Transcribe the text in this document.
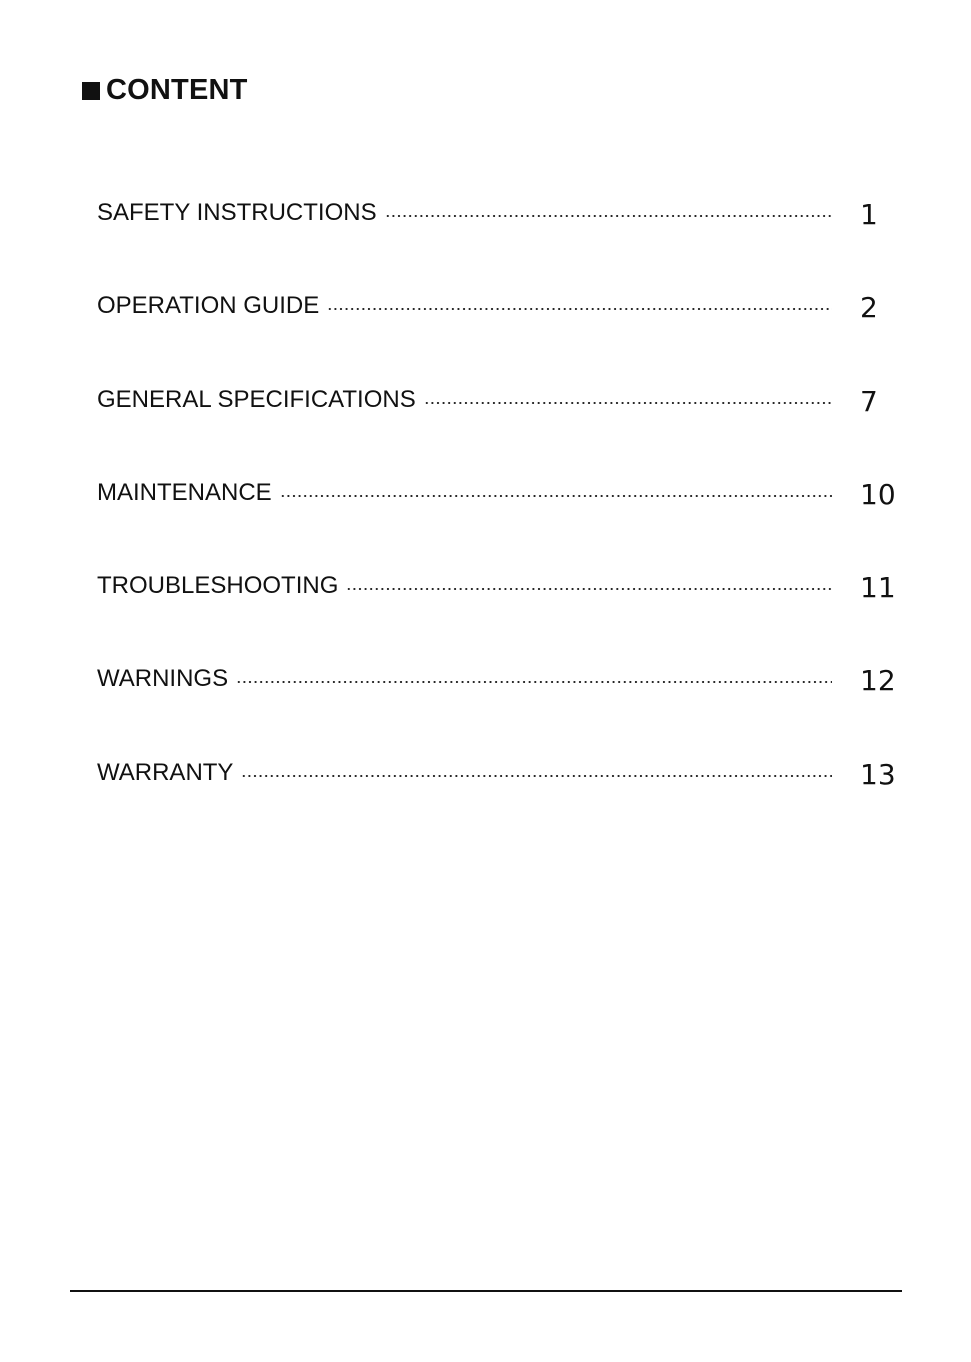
CONTENT
SAFETY INSTRUCTIONS	1
OPERATION GUIDE	2
GENERAL SPECIFICATIONS	7
MAINTENANCE	10
TROUBLESHOOTING	11
WARNINGS	12
WARRANTY	13
